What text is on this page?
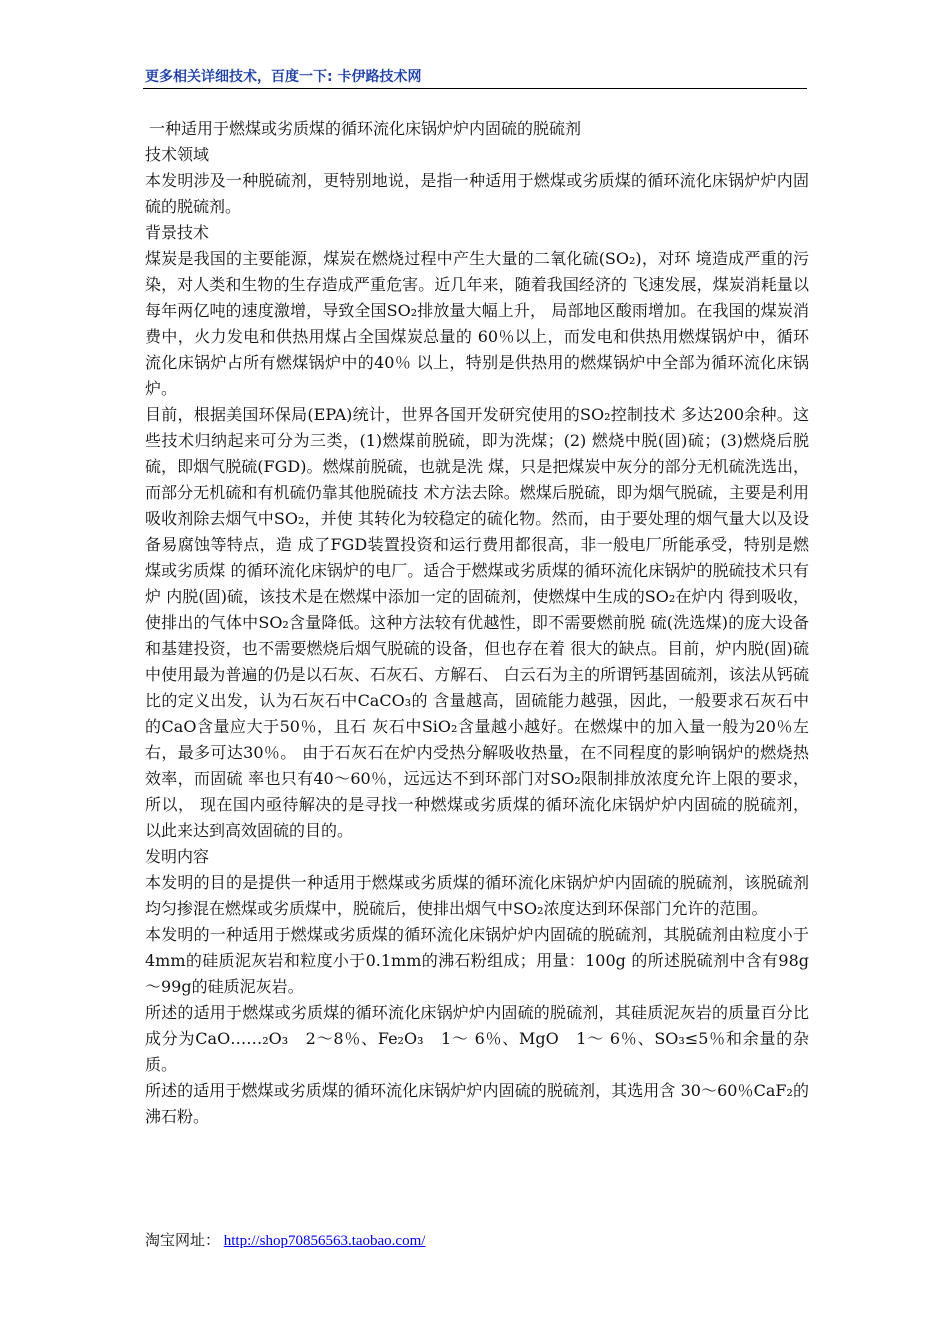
更多相关详细技术，百度一下: 卡伊路技术网

一种适用于燃煤或劣质煤的循环流化床锅炉炉内固硫的脱硫剂

技术领域

本发明涉及一种脱硫剂，更特别地说，是指一种适用于燃煤或劣质煤的循环流化床锅炉炉内固硫的脱硫剂。

背景技术

煤炭是我国的主要能源，煤炭在燃烧过程中产生大量的二氧化硫(SO₂)，对环 境造成严重的污染，对人类和生物的生存造成严重危害。近几年来，随着我国经济的 飞速发展，煤炭消耗量以每年两亿吨的速度激增，导致全国SO₂排放量大幅上升， 局部地区酸雨增加。在我国的煤炭消费中，火力发电和供热用煤占全国煤炭总量的 60％以上，而发电和供热用燃煤锅炉中，循环流化床锅炉占所有燃煤锅炉中的40％ 以上，特别是供热用的燃煤锅炉中全部为循环流化床锅炉。

目前，根据美国环保局(EPA)统计，世界各国开发研究使用的SO₂控制技术 多达200余种。这些技术归纳起来可分为三类，(1)燃煤前脱硫，即为洗煤；(2) 燃烧中脱(固)硫；(3)燃烧后脱硫，即烟气脱硫(FGD)。燃煤前脱硫，也就是洗 煤，只是把煤炭中灰分的部分无机硫洗选出，而部分无机硫和有机硫仍靠其他脱硫技 术方法去除。燃煤后脱硫，即为烟气脱硫，主要是利用吸收剂除去烟气中SO₂，并使 其转化为较稳定的硫化物。然而，由于要处理的烟气量大以及设备易腐蚀等特点，造 成了FGD装置投资和运行费用都很高，非一般电厂所能承受，特别是燃煤或劣质煤 的循环流化床锅炉的电厂。适合于燃煤或劣质煤的循环流化床锅炉的脱硫技术只有炉 内脱(固)硫，该技术是在燃煤中添加一定的固硫剂，使燃煤中生成的SO₂在炉内 得到吸收，使排出的气体中SO₂含量降低。这种方法较有优越性，即不需要燃前脱 硫(洗选煤)的庞大设备和基建投资，也不需要燃烧后烟气脱硫的设备，但也存在着 很大的缺点。目前，炉内脱(固)硫中使用最为普遍的仍是以石灰、石灰石、方解石、 白云石为主的所谓钙基固硫剂，该法从钙硫比的定义出发，认为石灰石中CaCO₃的 含量越高，固硫能力越强，因此，一般要求石灰石中的CaO含量应大于50％，且石 灰石中SiO₂含量越小越好。在燃煤中的加入量一般为20％左右，最多可达30％。 由于石灰石在炉内受热分解吸收热量，在不同程度的影响锅炉的燃烧热效率，而固硫 率也只有40～60％，远远达不到环部门对SO₂限制排放浓度允许上限的要求，所以， 现在国内亟待解决的是寻找一种燃煤或劣质煤的循环流化床锅炉炉内固硫的脱硫剂， 以此来达到高效固硫的目的。

发明内容

本发明的目的是提供一种适用于燃煤或劣质煤的循环流化床锅炉炉内固硫的脱硫剂，该脱硫剂均匀掺混在燃煤或劣质煤中，脱硫后，使排出烟气中SO₂浓度达到环保部门允许的范围。

本发明的一种适用于燃煤或劣质煤的循环流化床锅炉炉内固硫的脱硫剂，其脱硫剂由粒度小于4mm的硅质泥灰岩和粒度小于0.1mm的沸石粉组成；用量：100g 的所述脱硫剂中含有98g～99g的硅质泥灰岩。

所述的适用于燃煤或劣质煤的循环流化床锅炉炉内固硫的脱硫剂，其硅质泥灰岩的质量百分比成分为CaO……₂O₃　2～8％、Fe₂O₃　1～ 6％、MgO　1～ 6％、SO₃≤5％和余量的杂质。

所述的适用于燃煤或劣质煤的循环流化床锅炉炉内固硫的脱硫剂，其选用含 30～60％CaF₂的沸石粉。

淘宝网址： http://shop70856563.taobao.com/
